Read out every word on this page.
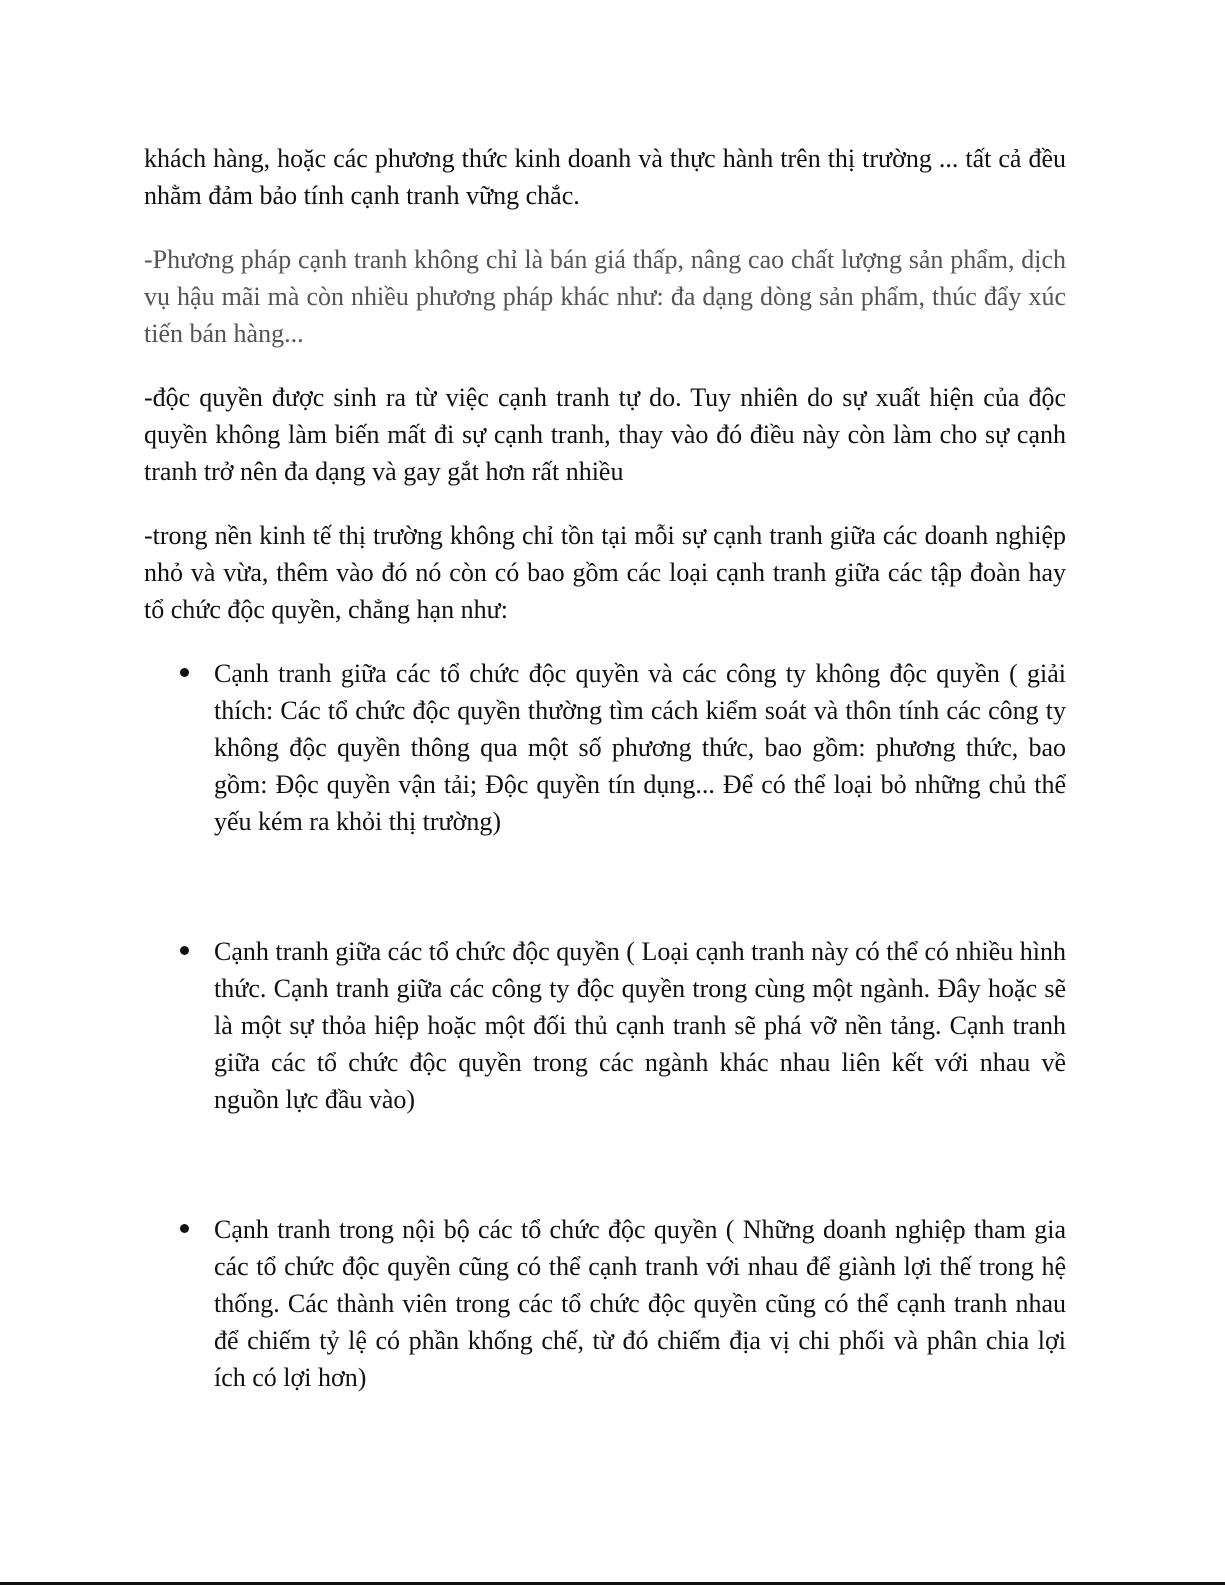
khách hàng, hoặc các phương thức kinh doanh và thực hành trên thị trường ... tất cả đều nhằm đảm bảo tính cạnh tranh vững chắc.

-Phương pháp cạnh tranh không chỉ là bán giá thấp, nâng cao chất lượng sản phẩm, dịch vụ hậu mãi mà còn nhiều phương pháp khác như: đa dạng dòng sản phẩm, thúc đẩy xúc tiến bán hàng...

-độc quyền được sinh ra từ việc cạnh tranh tự do. Tuy nhiên do sự xuất hiện của độc quyền không làm biến mất đi sự cạnh tranh, thay vào đó điều này còn làm cho sự cạnh tranh trở nên đa dạng và gay gắt hơn rất nhiều

-trong nền kinh tế thị trường không chỉ tồn tại mỗi sự cạnh tranh giữa các doanh nghiệp nhỏ và vừa, thêm vào đó nó còn có bao gồm các loại cạnh tranh giữa các tập đoàn hay tổ chức độc quyền, chẳng hạn như:

Cạnh tranh giữa các tổ chức độc quyền và các công ty không độc quyền ( giải thích: Các tổ chức độc quyền thường tìm cách kiểm soát và thôn tính các công ty không độc quyền thông qua một số phương thức, bao gồm: phương thức, bao gồm: Độc quyền vận tải; Độc quyền tín dụng... Để có thể loại bỏ những chủ thể yếu kém ra khỏi thị trường)
Cạnh tranh giữa các tổ chức độc quyền ( Loại cạnh tranh này có thể có nhiều hình thức. Cạnh tranh giữa các công ty độc quyền trong cùng một ngành. Đây hoặc sẽ là một sự thỏa hiệp hoặc một đối thủ cạnh tranh sẽ phá vỡ nền tảng. Cạnh tranh giữa các tổ chức độc quyền trong các ngành khác nhau liên kết với nhau về nguồn lực đầu vào)
Cạnh tranh trong nội bộ các tổ chức độc quyền ( Những doanh nghiệp tham gia các tổ chức độc quyền cũng có thể cạnh tranh với nhau để giành lợi thế trong hệ thống. Các thành viên trong các tổ chức độc quyền cũng có thể cạnh tranh nhau để chiếm tỷ lệ có phần khống chế, từ đó chiếm địa vị chi phối và phân chia lợi ích có lợi hơn)
